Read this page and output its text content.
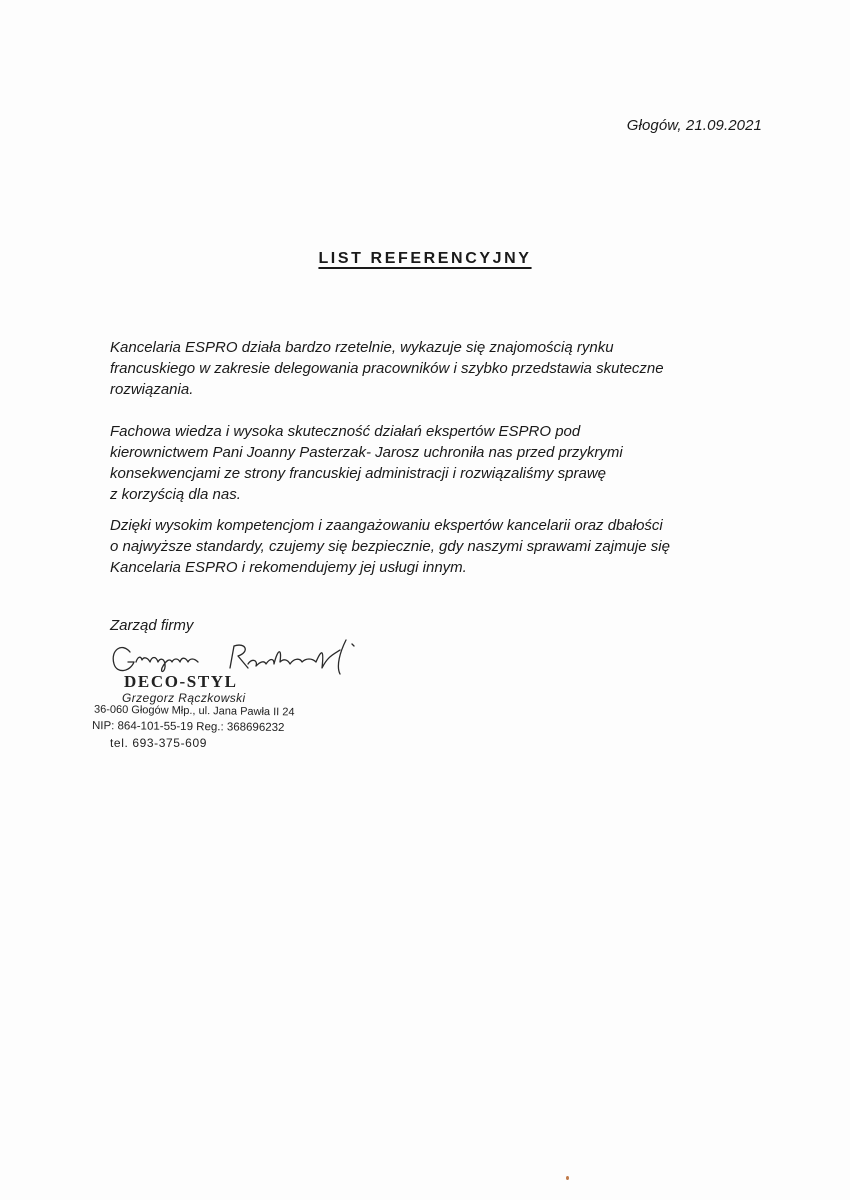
Głogów, 21.09.2021
LIST REFERENCYJNY
Kancelaria ESPRO działa bardzo rzetelnie, wykazuje się znajomością rynku
francuskiego w zakresie delegowania pracowników i szybko przedstawia skuteczne
rozwiązania.
Fachowa wiedza i wysoka skuteczność działań ekspertów ESPRO pod
kierownictwem Pani Joanny Pasterzak- Jarosz uchroniła nas przed przykrymi
konsekwencjami ze strony francuskiej administracji i rozwiązaliśmy sprawę
z korzyścią dla nas.
Dzięki wysokim kompetencjom i zaangażowaniu ekspertów kancelarii oraz dbałości
o najwyższe standardy, czujemy się bezpiecznie, gdy naszymi sprawami zajmuje się
Kancelaria ESPRO i rekomendujemy jej usługi innym.
Zarząd firmy
DECO-STYL
Grzegorz Rączkowski
36-060 Głogów Młp., ul. Jana Pawła II 24
NIP: 864-101-55-19 Reg.: 368696232
tel. 693-375-609
